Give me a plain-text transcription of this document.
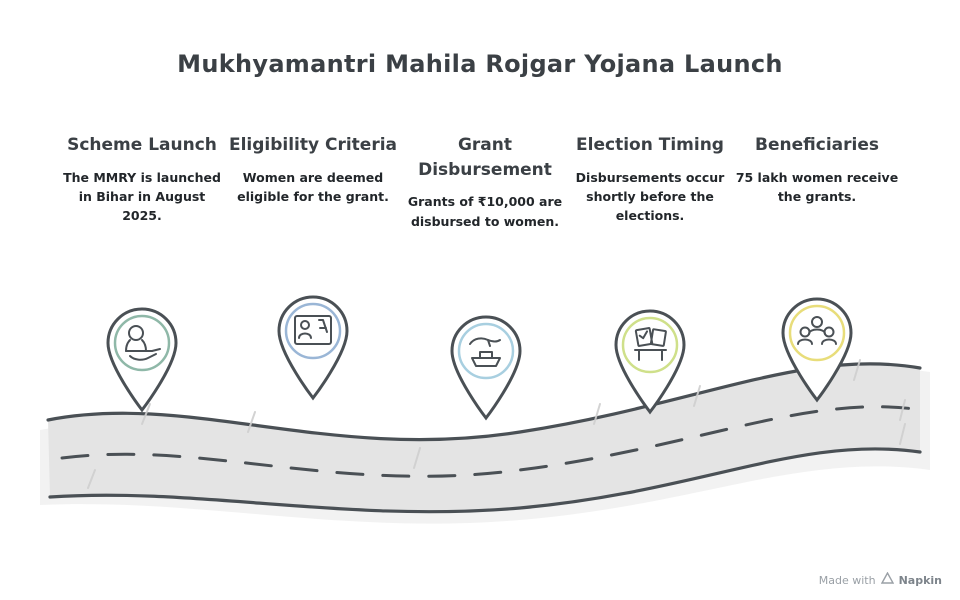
Mukhyamantri Mahila Rojgar Yojana Launch
Scheme Launch
The MMRY is launched in Bihar in August 2025.
Eligibility Criteria
Women are deemed eligible for the grant.
Grant Disbursement
Grants of ₹10,000 are disbursed to women.
Election Timing
Disbursements occur shortly before the elections.
Beneficiaries
75 lakh women receive the grants.
Made with Napkin
